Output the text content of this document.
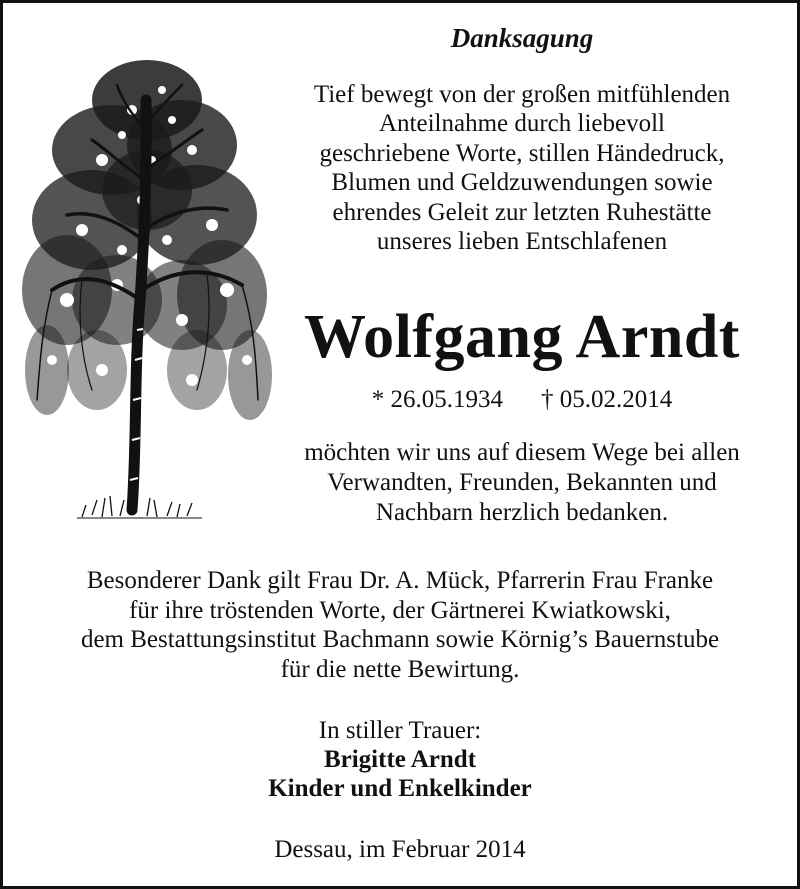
Danksagung
Tief bewegt von der großen mitfühlenden
Anteilnahme durch liebevoll
geschriebene Worte, stillen Händedruck,
Blumen und Geldzuwendungen sowie
ehrendes Geleit zur letzten Ruhestätte
unseres lieben Entschlafenen
Wolfgang Arndt
* 26.05.1934 † 05.02.2014
möchten wir uns auf diesem Wege bei allen
Verwandten, Freunden, Bekannten und
Nachbarn herzlich bedanken.
Besonderer Dank gilt Frau Dr. A. Mück, Pfarrerin Frau Franke
für ihre tröstenden Worte, der Gärtnerei Kwiatkowski,
dem Bestattungsinstitut Bachmann sowie Körnig’s Bauernstube
für die nette Bewirtung.
In stiller Trauer:
Brigitte Arndt
Kinder und Enkelkinder
Dessau, im Februar 2014
